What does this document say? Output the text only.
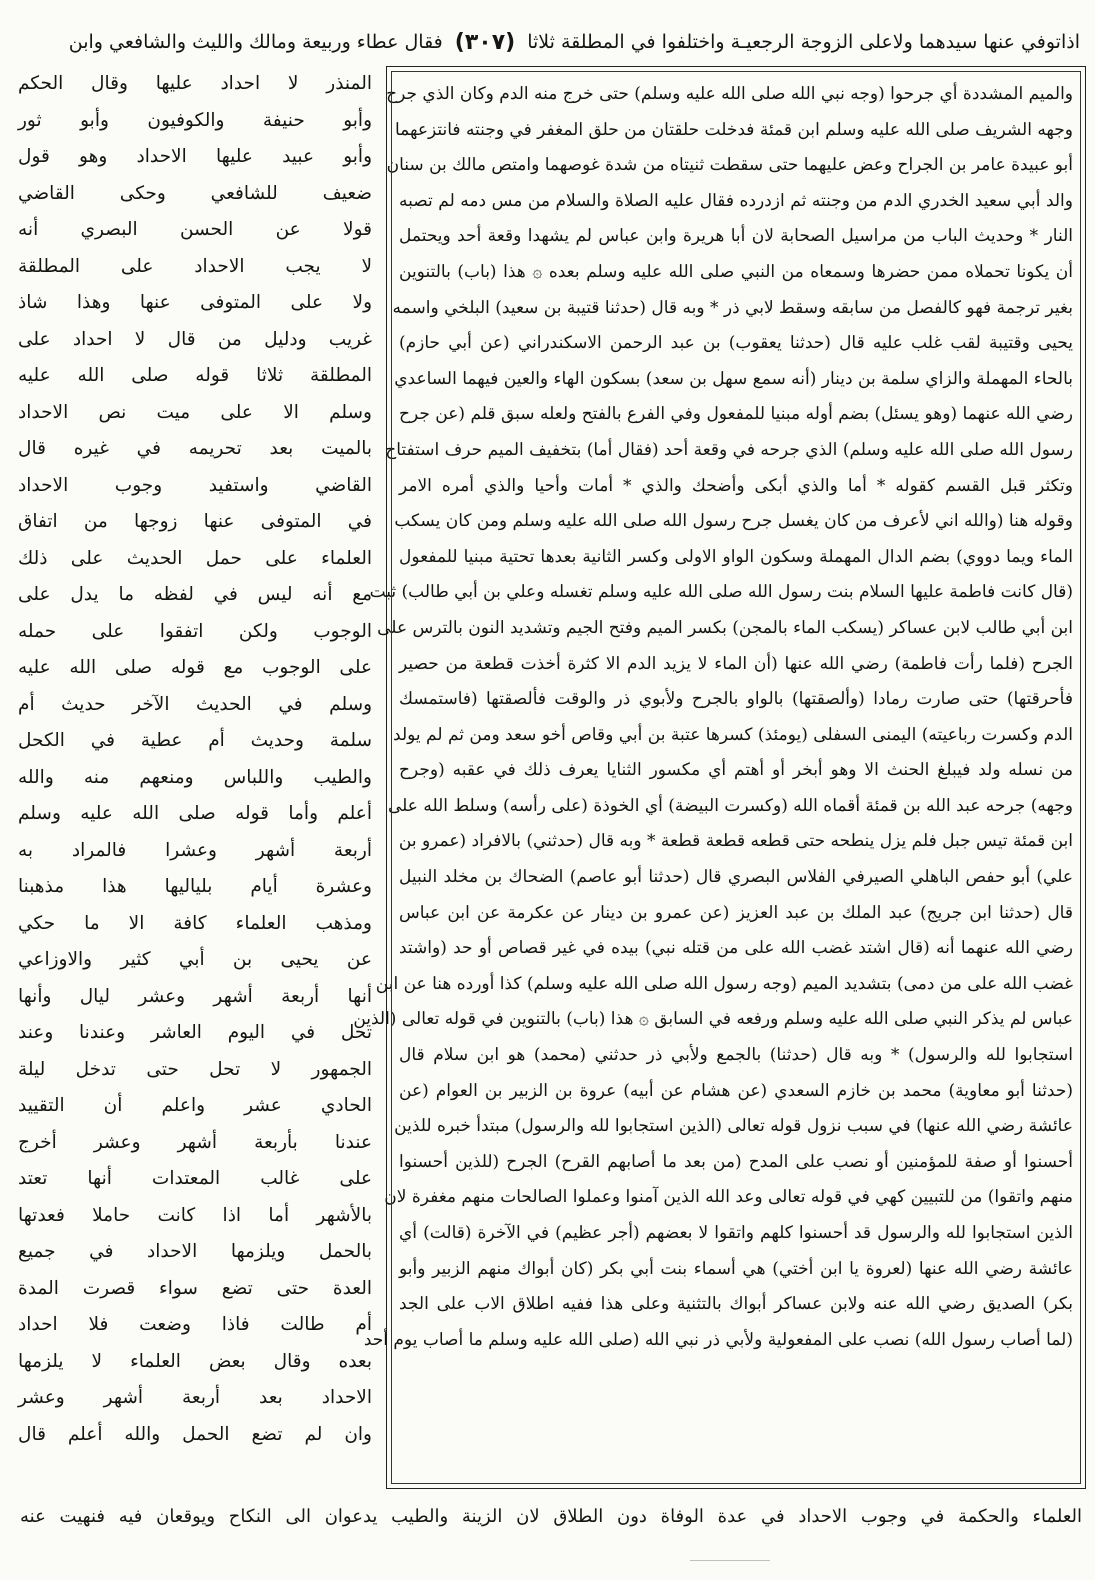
اذاتوفي عنها سيدهما ولاعلى الزوجة الرجعيـة واختلفوا في المطلقة ثلاثا
(٣٠٧)
فقال عطاء وربيعة ومالك والليث والشافعي وابن
والميم المشددة أي جرحوا (وجه نبي الله صلى الله عليه وسلم) حتى خرج منه الدم وكان الذي جرح
وجهه الشريف صلى الله عليه وسلم ابن قمئة فدخلت حلقتان من حلق المغفر في وجنته فانتزعهما
أبو عبيدة عامر بن الجراح وعض عليهما حتى سقطت ثنيتاه من شدة غوصهما وامتص مالك بن سنان
والد أبي سعيد الخدري الدم من وجنته ثم ازدرده فقال عليه الصلاة والسلام من مس دمه لم تصبه
النار * وحديث الباب من مراسيل الصحابة لان أبا هريرة وابن عباس لم يشهدا وقعة أحد ويحتمل
أن يكونا تحملاه ممن حضرها وسمعاه من النبي صلى الله عليه وسلم بعده ۞ هذا (باب) بالتنوين
بغير ترجمة فهو كالفصل من سابقه وسقط لابي ذر * وبه قال (حدثنا قتيبة بن سعيد) البلخي واسمه
يحيى وقتيبة لقب غلب عليه قال (حدثنا يعقوب) بن عبد الرحمن الاسكندراني (عن أبي حازم)
بالحاء المهملة والزاي سلمة بن دينار (أنه سمع سهل بن سعد) بسكون الهاء والعين فيهما الساعدي
رضي الله عنهما (وهو يسئل) بضم أوله مبنيا للمفعول وفي الفرع بالفتح ولعله سبق قلم (عن جرح
رسول الله صلى الله عليه وسلم) الذي جرحه في وقعة أحد (فقال أما) بتخفيف الميم حرف استفتاح
وتكثر قبل القسم كقوله * أما والذي أبكى وأضحك والذي * أمات وأحيا والذي أمره الامر
وقوله هنا (والله اني لأعرف من كان يغسل جرح رسول الله صلى الله عليه وسلم ومن كان يسكب
الماء ويما دووي) بضم الدال المهملة وسكون الواو الاولى وكسر الثانية بعدها تحتية مبنيا للمفعول
(قال كانت فاطمة عليها السلام بنت رسول الله صلى الله عليه وسلم تغسله وعلي بن أبي طالب) ثبت
ابن أبي طالب لابن عساكر (يسكب الماء بالمجن) بكسر الميم وفتح الجيم وتشديد النون بالترس على
الجرح (فلما رأت فاطمة) رضي الله عنها (أن الماء لا يزيد الدم الا كثرة أخذت قطعة من حصير
فأحرقتها) حتى صارت رمادا (وألصقتها) بالواو بالجرح ولأبوي ذر والوقت فألصقتها (فاستمسك
الدم وكسرت رباعيته) اليمنى السفلى (يومئذ) كسرها عتبة بن أبي وقاص أخو سعد ومن ثم لم يولد
من نسله ولد فيبلغ الحنث الا وهو أبخر أو أهتم أي مكسور الثنايا يعرف ذلك في عقبه (وجرح
وجهه) جرحه عبد الله بن قمئة أقماه الله (وكسرت البيضة) أي الخوذة (على رأسه) وسلط الله على
ابن قمئة تيس جبل فلم يزل ينطحه حتى قطعه قطعة قطعة * وبه قال (حدثني) بالافراد (عمرو بن
علي) أبو حفص الباهلي الصيرفي الفلاس البصري قال (حدثنا أبو عاصم) الضحاك بن مخلد النبيل
قال (حدثنا ابن جريج) عبد الملك بن عبد العزيز (عن عمرو بن دينار عن عكرمة عن ابن عباس
رضي الله عنهما أنه (قال اشتد غضب الله على من قتله نبي) بيده في غير قصاص أو حد (واشتد
غضب الله على من دمى) بتشديد الميم (وجه رسول الله صلى الله عليه وسلم) كذا أورده هنا عن ابن
عباس لم يذكر النبي صلى الله عليه وسلم ورفعه في السابق ۞ هذا (باب) بالتنوين في قوله تعالى (الذين
استجابوا لله والرسول) * وبه قال (حدثنا) بالجمع ولأبي ذر حدثني (محمد) هو ابن سلام قال
(حدثنا أبو معاوية) محمد بن خازم السعدي (عن هشام عن أبيه) عروة بن الزبير بن العوام (عن
عائشة رضي الله عنها) في سبب نزول قوله تعالى (الذين استجابوا لله والرسول) مبتدأ خبره للذين
أحسنوا أو صفة للمؤمنين أو نصب على المدح (من بعد ما أصابهم القرح) الجرح (للذين أحسنوا
منهم واتقوا) من للتبيين كهي في قوله تعالى وعد الله الذين آمنوا وعملوا الصالحات منهم مغفرة لان
الذين استجابوا لله والرسول قد أحسنوا كلهم واتقوا لا بعضهم (أجر عظيم) في الآخرة (قالت) أي
عائشة رضي الله عنها (لعروة يا ابن أختي) هي أسماء بنت أبي بكر (كان أبواك منهم الزبير وأبو
بكر) الصديق رضي الله عنه ولابن عساكر أبواك بالتثنية وعلى هذا ففيه اطلاق الاب على الجد
(لما أصاب رسول الله) نصب على المفعولية ولأبي ذر نبي الله (صلى الله عليه وسلم ما أصاب يوم أحد
المنذر لا احداد عليها وقال الحكم
وأبو حنيفة والكوفيون وأبو ثور
وأبو عبيد عليها الاحداد وهو قول
ضعيف للشافعي وحكى القاضي
قولا عن الحسن البصري أنه
لا يجب الاحداد على المطلقة
ولا على المتوفى عنها وهذا شاذ
غريب ودليل من قال لا احداد على
المطلقة ثلاثا قوله صلى الله عليه
وسلم الا على ميت نص الاحداد
بالميت بعد تحريمه في غيره قال
القاضي واستفيد وجوب الاحداد
في المتوفى عنها زوجها من اتفاق
العلماء على حمل الحديث على ذلك
مع أنه ليس في لفظه ما يدل على
الوجوب ولكن اتفقوا على حمله
على الوجوب مع قوله صلى الله عليه
وسلم في الحديث الآخر حديث أم
سلمة وحديث أم عطية في الكحل
والطيب واللباس ومنعهم منه والله
أعلم وأما قوله صلى الله عليه وسلم
أربعة أشهر وعشرا فالمراد به
وعشرة أيام بلياليها هذا مذهبنا
ومذهب العلماء كافة الا ما حكي
عن يحيى بن أبي كثير والاوزاعي
أنها أربعة أشهر وعشر ليال وأنها
تحل في اليوم العاشر وعندنا وعند
الجمهور لا تحل حتى تدخل ليلة
الحادي عشر واعلم أن التقييد
عندنا بأربعة أشهر وعشر أخرج
على غالب المعتدات أنها تعتد
بالأشهر أما اذا كانت حاملا فعدتها
بالحمل ويلزمها الاحداد في جميع
العدة حتى تضع سواء قصرت المدة
أم طالت فاذا وضعت فلا احداد
بعده وقال بعض العلماء لا يلزمها
الاحداد بعد أربعة أشهر وعشر
وان لم تضع الحمل والله أعلم قال
العلماء والحكمة في وجوب الاحداد في عدة الوفاة دون الطلاق لان الزينة والطيب يدعوان الى النكاح ويوقعان فيه فنهيت عنه
